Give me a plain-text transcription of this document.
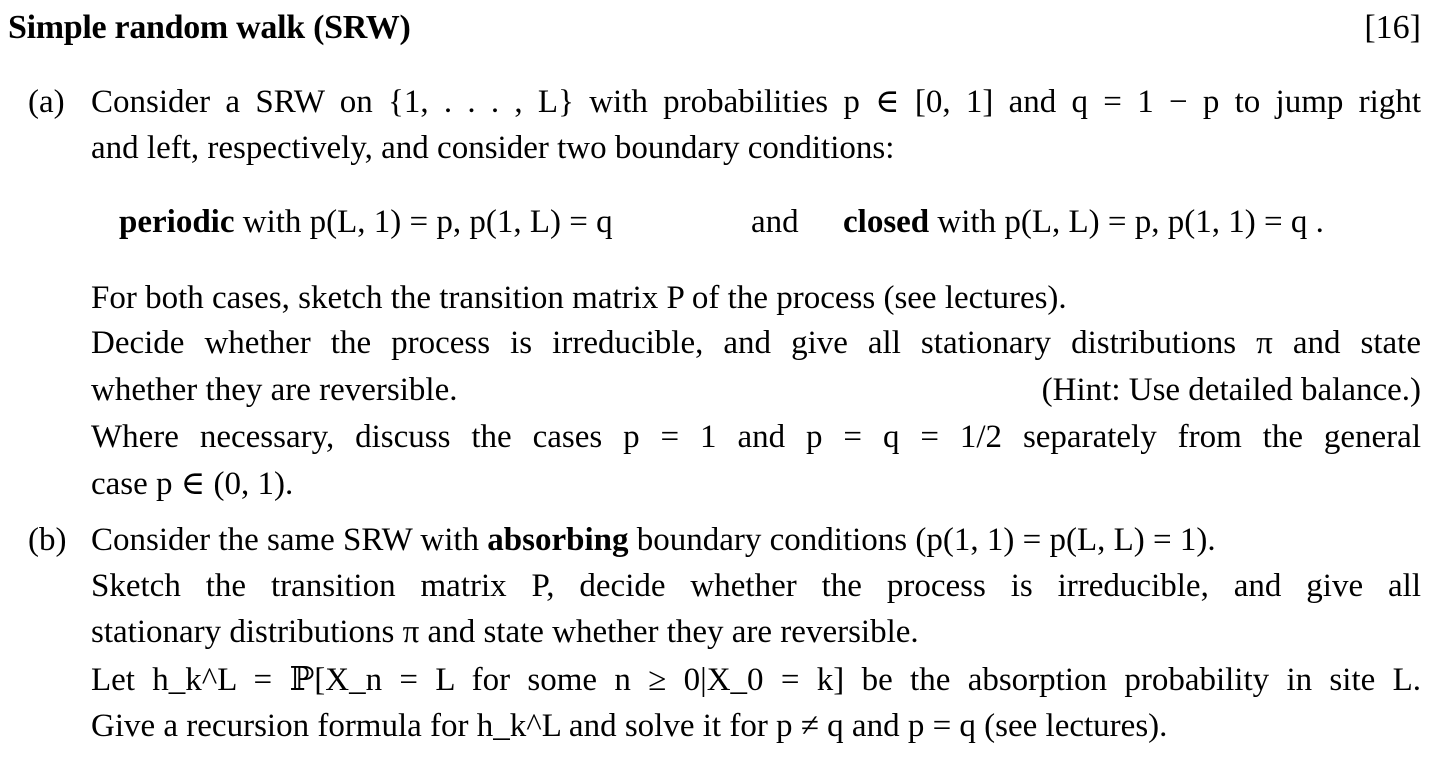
Simple random walk (SRW)	[16]
(a) Consider a SRW on {1, . . . , L} with probabilities p ∈ [0, 1] and q = 1 − p to jump right
and left, respectively, and consider two boundary conditions:
periodic with p(L, 1) = p, p(1, L) = q	and closed with p(L, L) = p, p(1, 1) = q .
For both cases, sketch the transition matrix P of the process (see lectures).
Decide whether the process is irreducible, and give all stationary distributions π and state
whether they are reversible.	(Hint: Use detailed balance.)
Where necessary, discuss the cases p = 1 and p = q = 1/2 separately from the general
case p ∈ (0, 1).
(b) Consider the same SRW with absorbing boundary conditions (p(1, 1) = p(L, L) = 1).
Sketch the transition matrix P, decide whether the process is irreducible, and give all
stationary distributions π and state whether they are reversible.
Let h_k^L = ℙ[X_n = L for some n ≥ 0|X_0 = k] be the absorption probability in site L.
Give a recursion formula for h_k^L and solve it for p ≠ q and p = q (see lectures).
